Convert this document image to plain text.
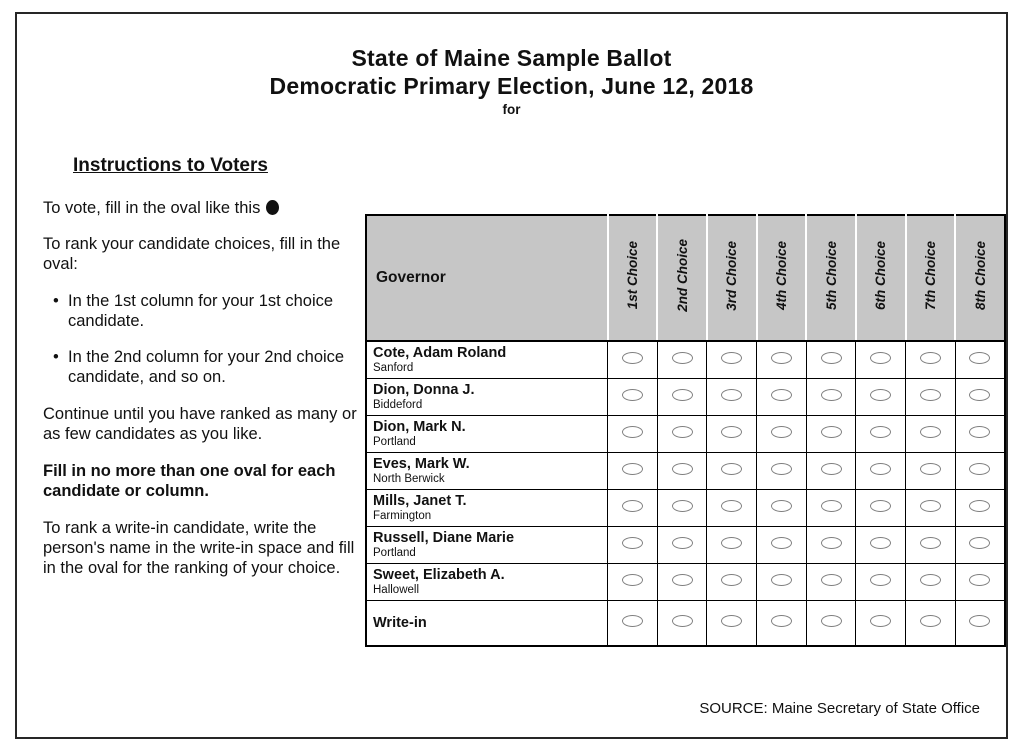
State of Maine Sample Ballot
Democratic Primary Election, June 12, 2018
for
Instructions to Voters

To vote, fill in the oval like this

To rank your candidate choices, fill in the oval:

• In the 1st column for your 1st choice candidate.
• In the 2nd column for your 2nd choice candidate, and so on.

Continue until you have ranked as many or as few candidates as you like.

Fill in no more than one oval for each candidate or column.

To rank a write-in candidate, write the person's name in the write-in space and fill in the oval for the ranking of your choice.

Governor	1st Choice	2nd Choice	3rd Choice	4th Choice	5th Choice	6th Choice	7th Choice	8th Choice

Cote, Adam Roland
Sanford								

Dion, Donna J.
Biddeford								

Dion, Mark N.
Portland								

Eves, Mark W.
North Berwick								

Mills, Janet T.
Farmington								

Russell, Diane Marie
Portland								

Sweet, Elizabeth A.
Hallowell								

Write-in								

SOURCE: Maine Secretary of State Office
